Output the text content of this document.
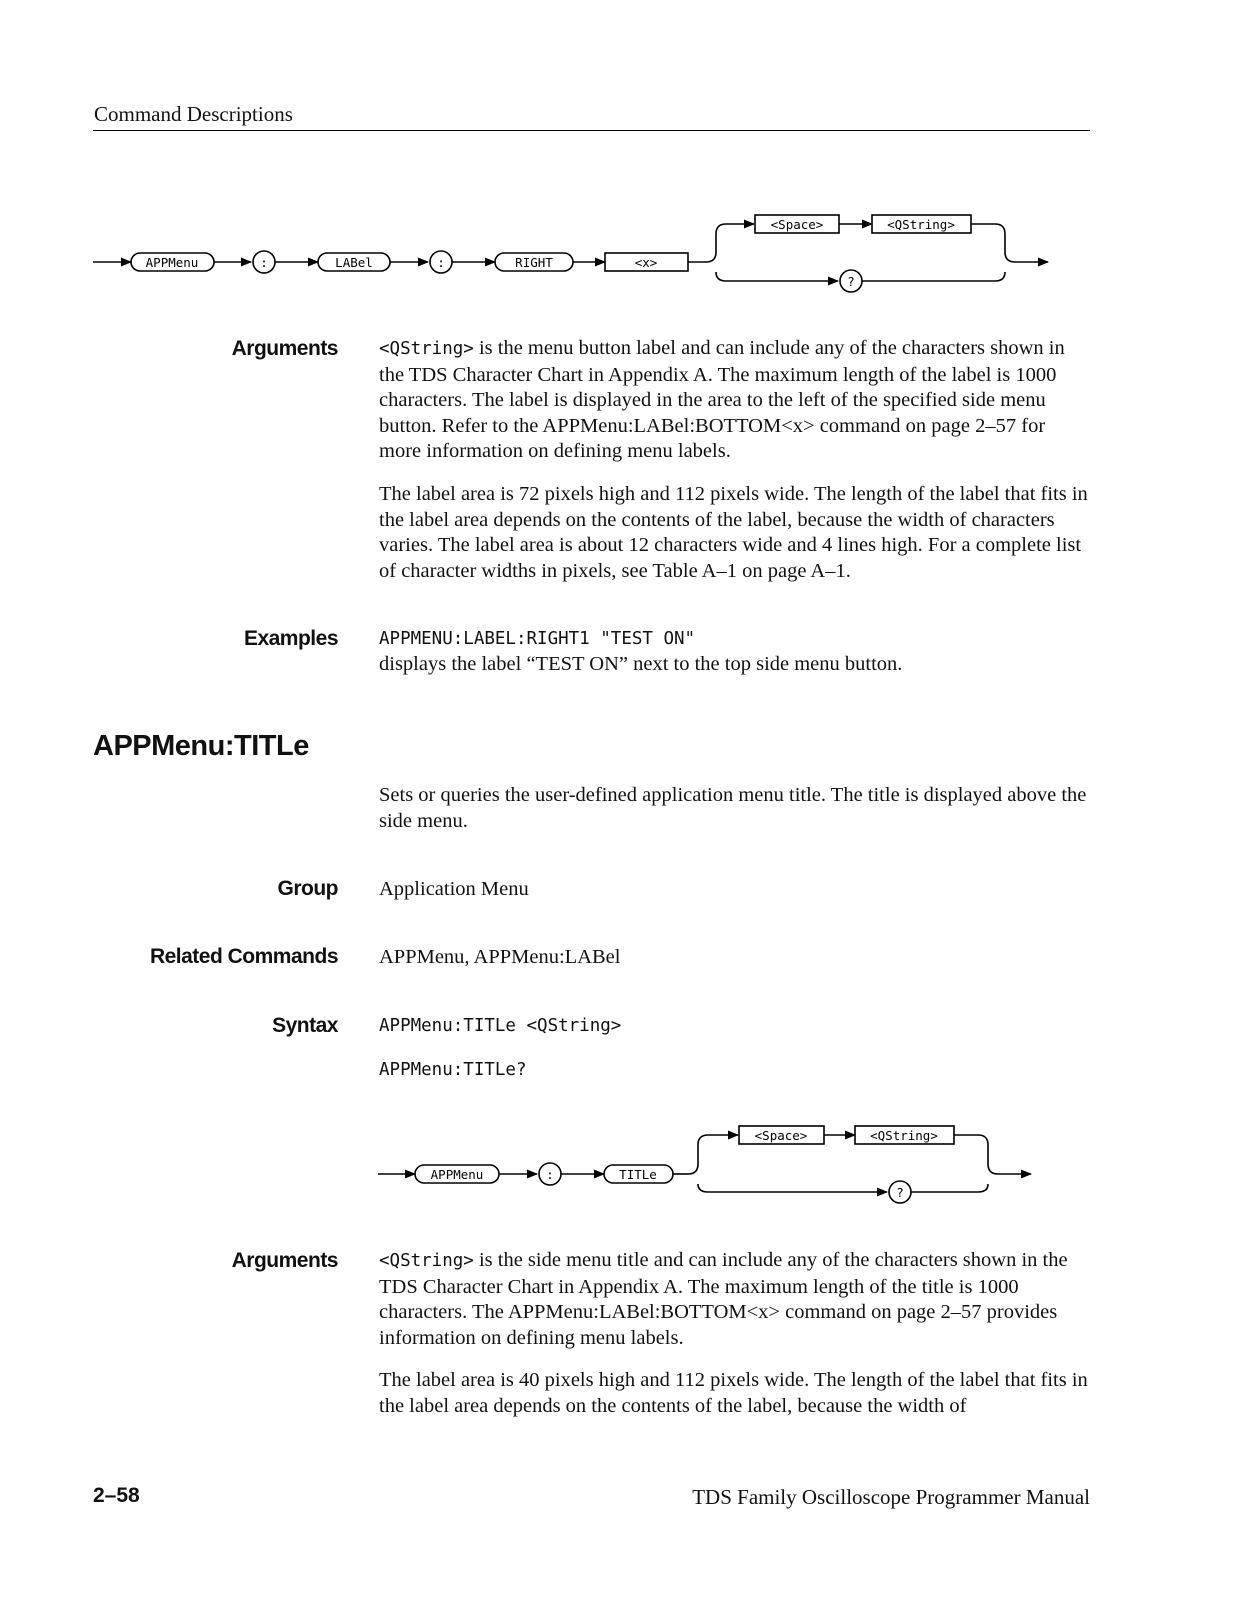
Command Descriptions
APPMenu	:	LABel	:	RIGHT	<x>
<Space>	<QString>
?
Arguments <QString> is the menu button label and can include any of the characters shown in the TDS Character Chart in Appendix A. The maximum length of the label is 1000 characters. The label is displayed in the area to the left of the specified side menu button. Refer to the APPMenu:LABel:BOTTOM<x> command on page 2–57 for more information on defining menu labels.
The label area is 72 pixels high and 112 pixels wide. The length of the label that fits in the label area depends on the contents of the label, because the width of characters varies. The label area is about 12 characters wide and 4 lines high. For a complete list of character widths in pixels, see Table A–1 on page A–1.
Examples APPMENU:LABEL:RIGHT1 "TEST ON"
displays the label “TEST ON” next to the top side menu button.
APPMenu:TITLe
Sets or queries the user-defined application menu title. The title is displayed above the side menu.
Group Application Menu
Related Commands APPMenu, APPMenu:LABel
Syntax APPMenu:TITLe <QString>
APPMenu:TITLe?
APPMenu	:	TITLe
<Space>	<QString>
?
Arguments <QString> is the side menu title and can include any of the characters shown in the TDS Character Chart in Appendix A. The maximum length of the title is 1000 characters. The APPMenu:LABel:BOTTOM<x> command on page 2–57 provides information on defining menu labels.
The label area is 40 pixels high and 112 pixels wide. The length of the label that fits in the label area depends on the contents of the label, because the width of
2–58	TDS Family Oscilloscope Programmer Manual
